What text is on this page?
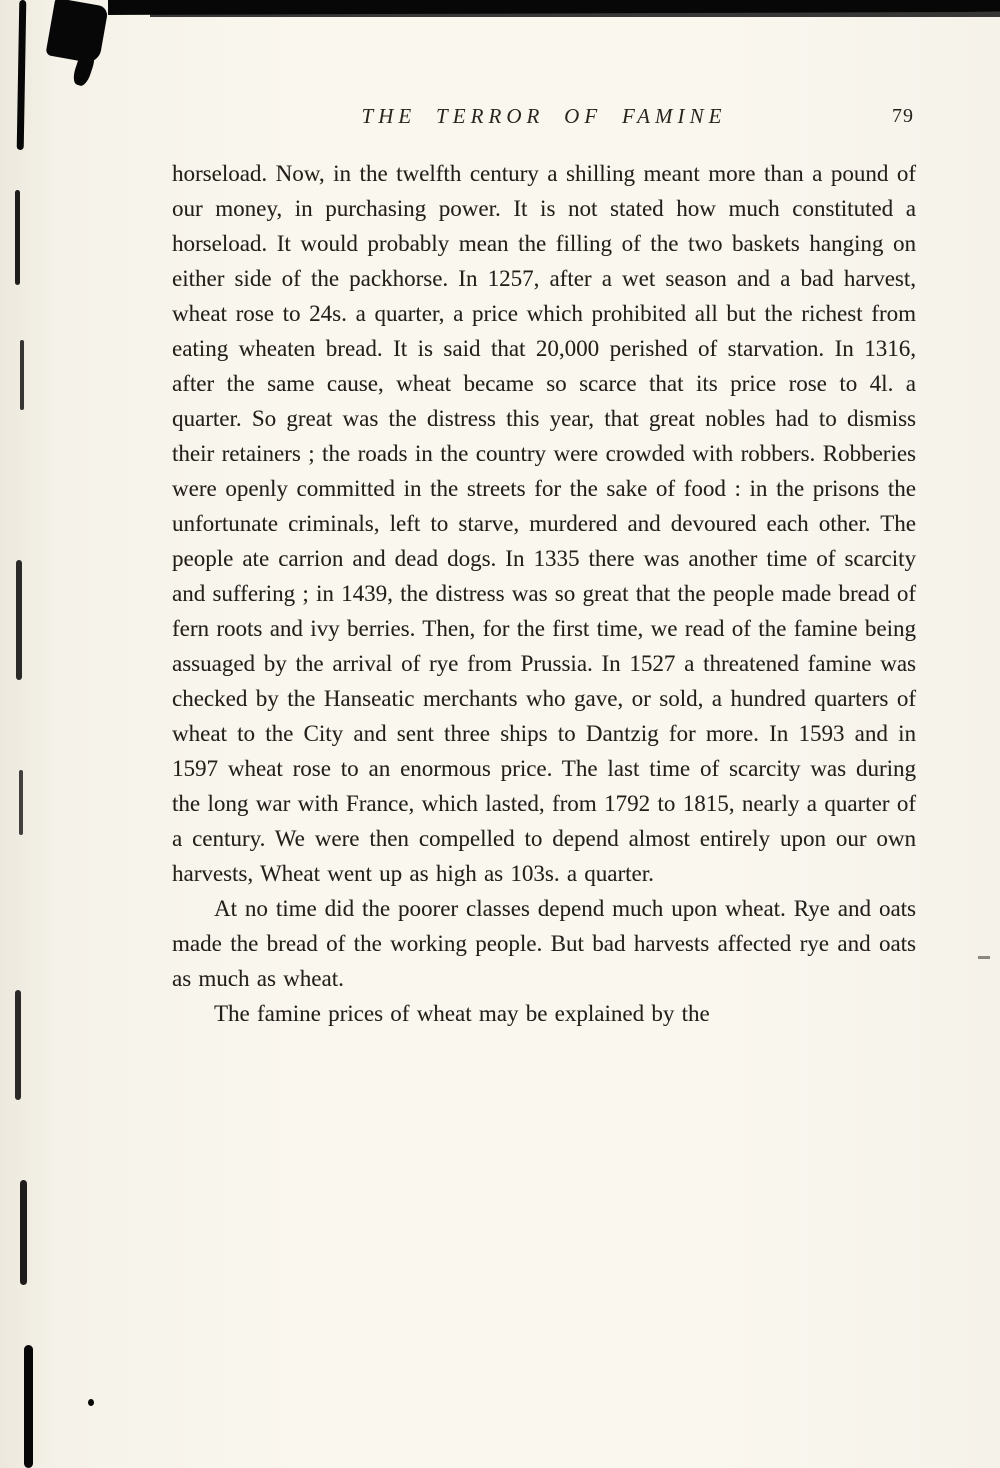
THE TERROR OF FAMINE	79

horseload. Now, in the twelfth century a shilling meant more than a pound of our money, in purchasing power. It is not stated how much constituted a horseload. It would probably mean the filling of the two baskets hanging on either side of the packhorse. In 1257, after a wet season and a bad harvest, wheat rose to 24s. a quarter, a price which prohibited all but the richest from eating wheaten bread. It is said that 20,000 perished of starvation. In 1316, after the same cause, wheat became so scarce that its price rose to 4l. a quarter. So great was the distress this year, that great nobles had to dismiss their retainers ; the roads in the country were crowded with robbers. Robberies were openly committed in the streets for the sake of food : in the prisons the unfortunate criminals, left to starve, murdered and devoured each other. The people ate carrion and dead dogs. In 1335 there was another time of scarcity and suffering ; in 1439, the distress was so great that the people made bread of fern roots and ivy berries. Then, for the first time, we read of the famine being assuaged by the arrival of rye from Prussia. In 1527 a threatened famine was checked by the Hanseatic merchants who gave, or sold, a hundred quarters of wheat to the City and sent three ships to Dantzig for more. In 1593 and in 1597 wheat rose to an enormous price. The last time of scarcity was during the long war with France, which lasted, from 1792 to 1815, nearly a quarter of a century. We were then compelled to depend almost entirely upon our own harvests, Wheat went up as high as 103s. a quarter.

At no time did the poorer classes depend much upon wheat. Rye and oats made the bread of the working people. But bad harvests affected rye and oats as much as wheat.

The famine prices of wheat may be explained by the
